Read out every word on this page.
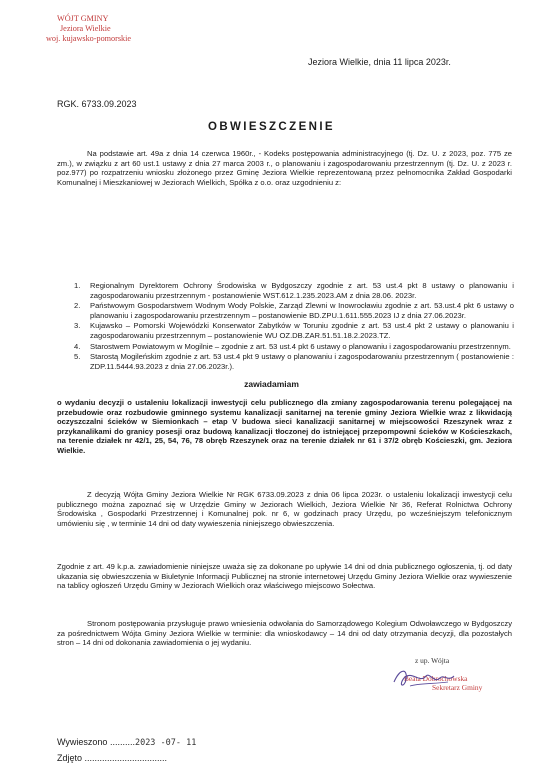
WÓJT GMINY
Jeziora Wielkie
woj. kujawsko-pomorskie
Jeziora Wielkie, dnia 11 lipca 2023r.
RGK. 6733.09.2023
OBWIESZCZENIE

Na podstawie art. 49a z dnia 14 czerwca 1960r., - Kodeks postępowania administracyjnego (tj. Dz. U. z 2023, poz. 775 ze zm.), w związku z art 60 ust.1 ustawy z dnia 27 marca 2003 r., o planowaniu i zagospodarowaniu przestrzennym (tj. Dz. U. z 2023 r. poz.977) po rozpatrzeniu wniosku złożonego przez Gminę Jeziora Wielkie reprezentowaną przez pełnomocnika Zakład Gospodarki Komunalnej i Mieszkaniowej w Jeziorach Wielkich, Spółka z o.o. oraz uzgodnieniu z:

1. Regionalnym Dyrektorem Ochrony Środowiska w Bydgoszczy zgodnie z art. 53 ust.4 pkt 8 ustawy o planowaniu i zagospodarowaniu przestrzennym - postanowienie WST.612.1.235.2023.AM z dnia 28.06. 2023r.
2. Państwowym Gospodarstwem Wodnym Wody Polskie, Zarząd Zlewni w Inowrocławiu zgodnie z art. 53.ust.4 pkt 6 ustawy o planowaniu i zagospodarowaniu przestrzennym – postanowienie BD.ZPU.1.611.555.2023 IJ z dnia 27.06.2023r.
3. Kujawsko – Pomorski Wojewódzki Konserwator Zabytków w Toruniu zgodnie z art. 53 ust.4 pkt 2 ustawy o planowaniu i zagospodarowaniu przestrzennym – postanowienie WU OZ.DB.ZAR.51.51.18.2.2023.TZ.
4. Starostwem Powiatowym w Mogilnie – zgodnie z art. 53 ust.4 pkt 6 ustawy o planowaniu i zagospodarowaniu przestrzennym.
5. Starostą Mogileńskim zgodnie z art. 53 ust.4 pkt 9 ustawy o planowaniu i zagospodarowaniu przestrzennym ( postanowienie : ZDP.11.5444.93.2023 z dnia 27.06.2023r.).
zawiadamiam

o wydaniu decyzji o ustaleniu lokalizacji inwestycji celu publicznego dla zmiany zagospodarowania terenu polegającej na przebudowie oraz rozbudowie gminnego systemu kanalizacji sanitarnej na terenie gminy Jeziora Wielkie wraz z likwidacją oczyszczalni ścieków w Siemionkach – etap V budowa sieci kanalizacji sanitarnej w miejscowości Rzeszynek wraz z przykanalikami do granicy posesji oraz budową kanalizacji tłoczonej do istniejącej przepompowni ścieków w Kościeszkach, na terenie działek nr 42/1, 25, 54, 76, 78 obręb Rzeszynek oraz na terenie działek nr 61 i 37/2 obręb Kościeszki, gm. Jeziora Wielkie.

Z decyzją Wójta Gminy Jeziora Wielkie Nr RGK 6733.09.2023 z dnia 06 lipca 2023r. o ustaleniu lokalizacji inwestycji celu publicznego można zapoznać się w Urzędzie Gminy w Jeziorach Wielkich, Jeziora Wielkie Nr 36, Referat Rolnictwa Ochrony Środowiska , Gospodarki Przestrzennej i Komunalnej pok. nr 6, w godzinach pracy Urzędu, po wcześniejszym telefonicznym umówieniu się , w terminie 14 dni od daty wywieszenia niniejszego obwieszczenia.

Zgodnie z art. 49 k.p.a. zawiadomienie niniejsze uważa się za dokonane po upływie 14 dni od dnia publicznego ogłoszenia, tj. od daty ukazania się obwieszczenia w Biuletynie Informacji Publicznej na stronie internetowej Urzędu Gminy Jeziora Wielkie oraz wywieszenie na tablicy ogłoszeń Urzędu Gminy w Jeziorach Wielkich oraz właściwego miejscowo Sołectwa.

Stronom postępowania przysługuje prawo wniesienia odwołania do Samorządowego Kolegium Odwoławczego w Bydgoszczy za pośrednictwem Wójta Gminy Jeziora Wielkie w terminie: dla wnioskodawcy – 14 dni od daty otrzymania decyzji, dla pozostałych stron – 14 dni od dokonania zawiadomienia o jej wydaniu.

z up. Wójta
Beata Dobrochowska
Sekretarz Gminy
Wywieszono ..........2023 -07- 11
Zdjęto .................................
